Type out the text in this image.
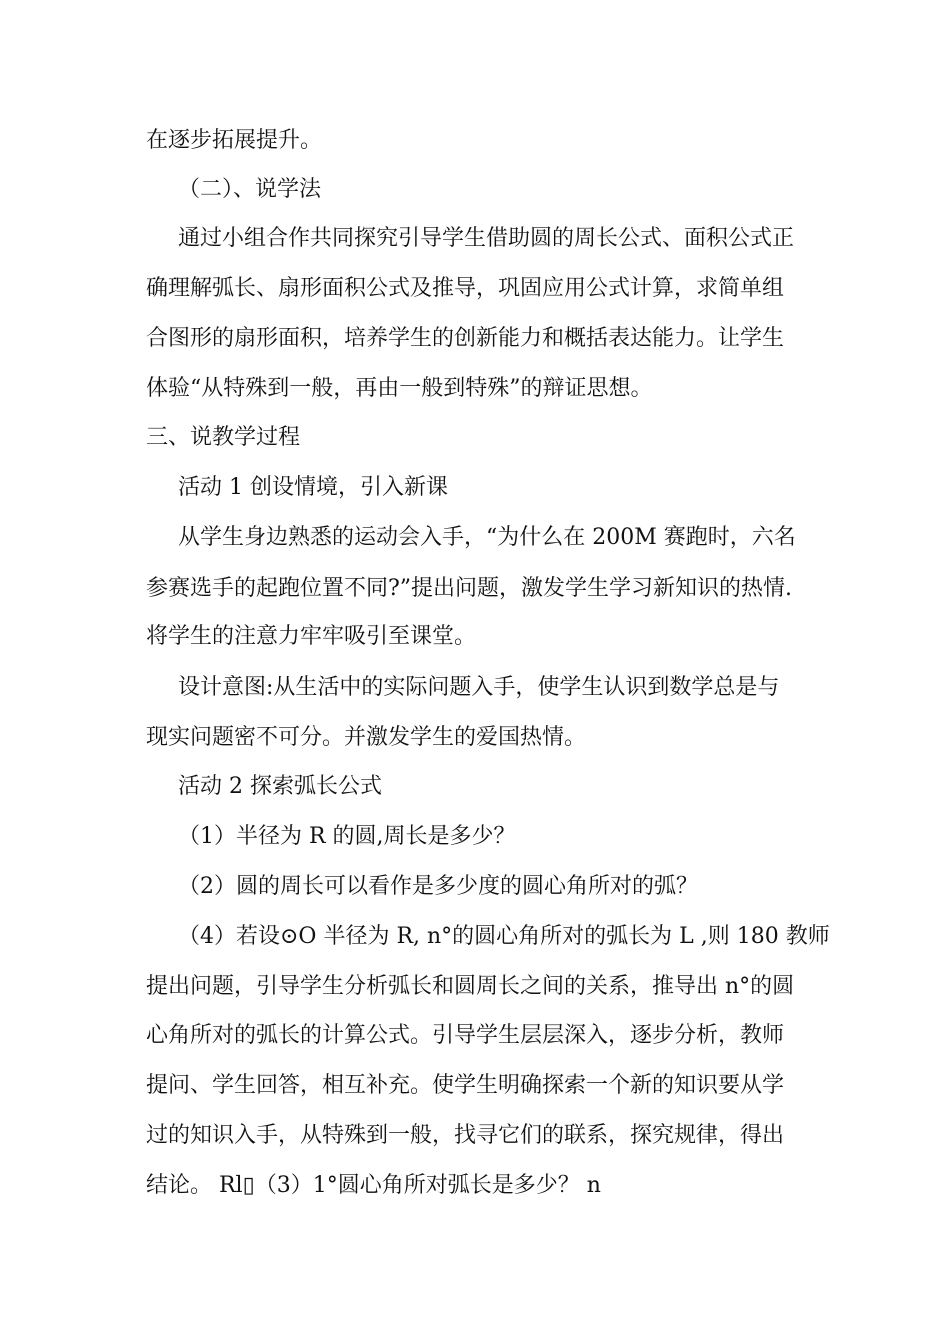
在逐步拓展提升。
（二）、说学法
通过小组合作共同探究引导学生借助圆的周长公式、面积公式正
确理解弧长、扇形面积公式及推导，巩固应用公式计算，求简单组
合图形的扇形面积，培养学生的创新能力和概括表达能力。让学生
体验“从特殊到一般，再由一般到特殊”的辩证思想。
三、说教学过程
活动 1 创设情境，引入新课
从学生身边熟悉的运动会入手，“为什么在 200M 赛跑时，六名
参赛选手的起跑位置不同?”提出问题，激发学生学习新知识的热情.
将学生的注意力牢牢吸引至课堂。
设计意图:从生活中的实际问题入手，使学生认识到数学总是与
现实问题密不可分。并激发学生的爱国热情。
活动 2 探索弧长公式
（1）半径为 R 的圆,周长是多少？
（2）圆的周长可以看作是多少度的圆心角所对的弧？
（4）若设⊙O 半径为 R, n°的圆心角所对的弧长为 L ,则 180 教师
提出问题，引导学生分析弧长和圆周长之间的关系，推导出 n°的圆
心角所对的弧长的计算公式。引导学生层层深入，逐步分析，教师
提问、学生回答，相互补充。使学生明确探索一个新的知识要从学
过的知识入手，从特殊到一般，找寻它们的联系，探究规律，得出
结论。 Rl▯（3）1°圆心角所对弧长是多少？ n
